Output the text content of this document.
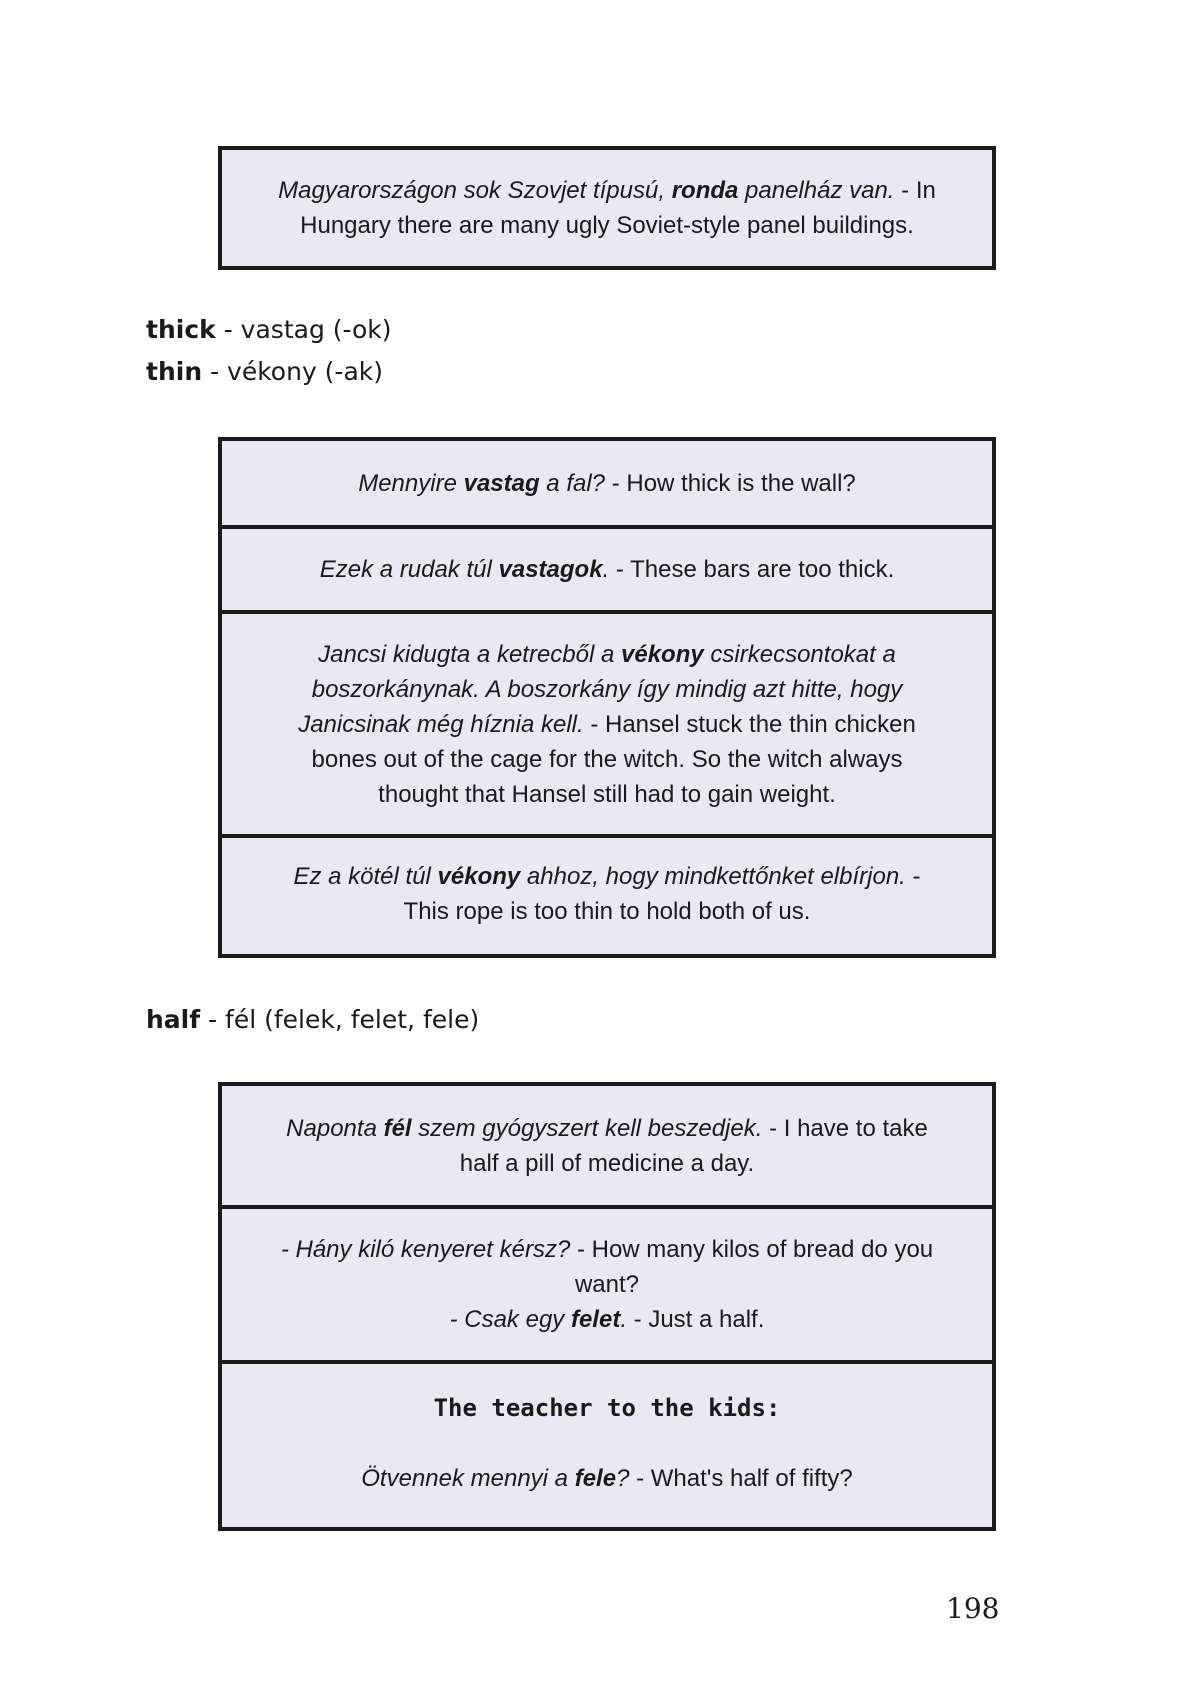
Magyarországon sok Szovjet típusú, ronda panelház van. - In
Hungary there are many ugly Soviet-style panel buildings.
thick - vastag (-ok)
thin - vékony (-ak)
Mennyire vastag a fal? - How thick is the wall?
Ezek a rudak túl vastagok. - These bars are too thick.
Jancsi kidugta a ketrecből a vékony csirkecsontokat a
boszorkánynak. A boszorkány így mindig azt hitte, hogy
Janicsinak még híznia kell. - Hansel stuck the thin chicken
bones out of the cage for the witch. So the witch always
thought that Hansel still had to gain weight.
Ez a kötél túl vékony ahhoz, hogy mindkettőnket elbírjon. -
This rope is too thin to hold both of us.
half - fél (felek, felet, fele)
Naponta fél szem gyógyszert kell beszedjek. - I have to take
half a pill of medicine a day.
- Hány kiló kenyeret kérsz? - How many kilos of bread do you
want?
- Csak egy felet. - Just a half.
The teacher to the kids:

Ötvennek mennyi a fele? - What's half of fifty?
198
